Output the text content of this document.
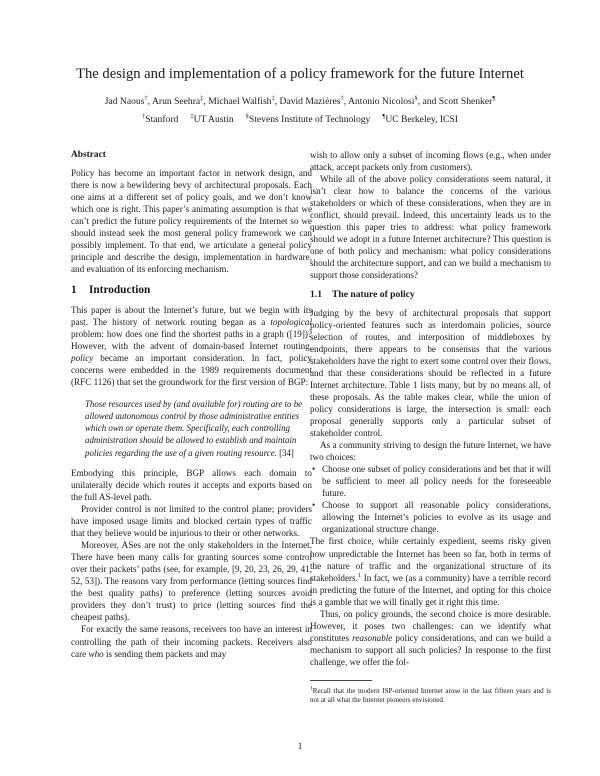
The design and implementation of a policy framework for the future Internet
Jad Naous†, Arun Seehra‡, Michael Walfish‡, David Mazières†, Antonio Nicolosi§, and Scott Shenker¶
†Stanford ‡UT Austin §Stevens Institute of Technology ¶UC Berkeley, ICSI
Abstract

Policy has become an important factor in network design, and there is now a bewildering bevy of architectural proposals. Each one aims at a different set of policy goals, and we don’t know which one is right. This paper’s animating assumption is that we can’t predict the future policy requirements of the Internet so we should instead seek the most general policy framework we can possibly implement. To that end, we articulate a general policy principle and describe the design, implementation in hardware, and evaluation of its enforcing mechanism.

1 Introduction

This paper is about the Internet’s future, but we begin with its past. The history of network routing began as a topological problem: how does one find the shortest paths in a graph ([19])? However, with the advent of domain-based Internet routing, policy became an important consideration. In fact, policy concerns were embedded in the 1989 requirements document (RFC 1126) that set the groundwork for the first version of BGP:

Those resources used by (and available for) routing are to be allowed autonomous control by those administrative entities which own or operate them. Specifically, each controlling administration should be allowed to establish and maintain policies regarding the use of a given routing resource. [34]

Embodying this principle, BGP allows each domain to unilaterally decide which routes it accepts and exports based on the full AS-level path.

Provider control is not limited to the control plane; providers have imposed usage limits and blocked certain types of traffic that they believe would be injurious to their or other networks.

Moreover, ASes are not the only stakeholders in the Internet. There have been many calls for granting sources some control over their packets’ paths (see, for example, [9, 20, 23, 26, 29, 41, 52, 53]). The reasons vary from performance (letting sources find the best quality paths) to preference (letting sources avoid providers they don’t trust) to price (letting sources find the cheapest paths).

For exactly the same reasons, receivers too have an interest in controlling the path of their incoming packets. Receivers also care who is sending them packets and may

wish to allow only a subset of incoming flows (e.g., when under attack, accept packets only from customers).

While all of the above policy considerations seem natural, it isn’t clear how to balance the concerns of the various stakeholders or which of these considerations, when they are in conflict, should prevail. Indeed, this uncertainty leads us to the question this paper tries to address: what policy framework should we adopt in a future Internet architecture? This question is one of both policy and mechanism: what policy considerations should the architecture support, and can we build a mechanism to support those considerations?

1.1 The nature of policy

Judging by the bevy of architectural proposals that support policy-oriented features such as interdomain policies, source selection of routes, and interposition of middleboxes by endpoints, there appears to be consensus that the various stakeholders have the right to exert some control over their flows, and that these considerations should be reflected in a future Internet architecture. Table 1 lists many, but by no means all, of these proposals. As the table makes clear, while the union of policy considerations is large, the intersection is small: each proposal generally supports only a particular subset of stakeholder control.

As a community striving to design the future Internet, we have two choices:

• Choose one subset of policy considerations and bet that it will be sufficient to meet all policy needs for the foreseeable future.
• Choose to support all reasonable policy considerations, allowing the Internet’s policies to evolve as its usage and organizational structure change.

The first choice, while certainly expedient, seems risky given how unpredictable the Internet has been so far, both in terms of the nature of traffic and the organizational structure of its stakeholders.$^1$ In fact, we (as a community) have a terrible record in predicting the future of the Internet, and opting for this choice is a gamble that we will finally get it right this time.

Thus, on policy grounds, the second choice is more desirable. However, it poses two challenges: can we identify what constitutes reasonable policy considerations, and can we build a mechanism to support all such policies? In response to the first challenge, we offer the fol-

$^1$Recall that the modern ISP-oriented Internet arose in the last fifteen years and is not at all what the Internet pioneers envisioned.
1
